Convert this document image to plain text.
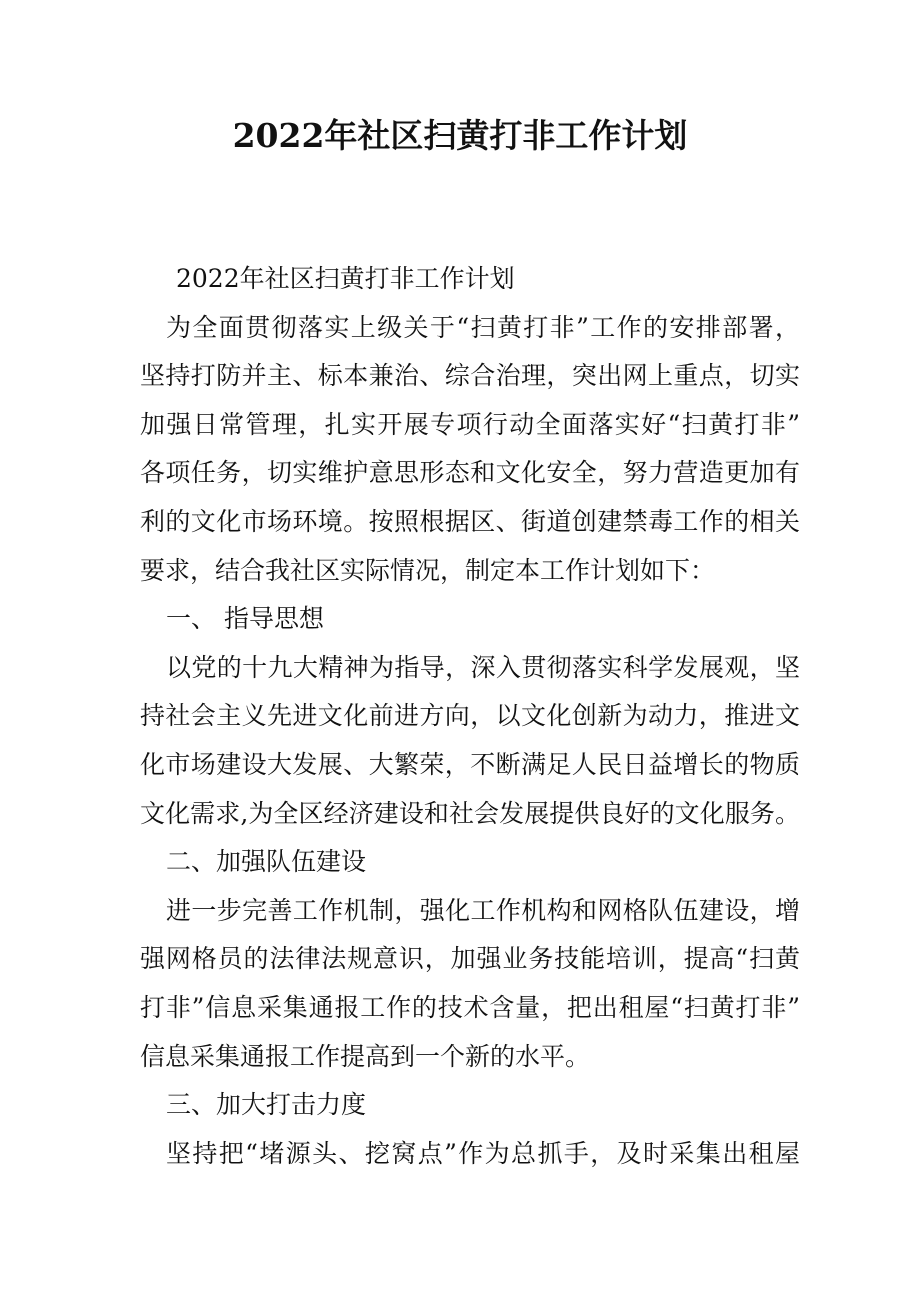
2022年社区扫黄打非工作计划
2022年社区扫黄打非工作计划
为全面贯彻落实上级关于“扫黄打非”工作的安排部署，
坚持打防并主、标本兼治、综合治理，突出网上重点，切实
加强日常管理，扎实开展专项行动全面落实好“扫黄打非”
各项任务，切实维护意思形态和文化安全，努力营造更加有
利的文化市场环境。按照根据区、街道创建禁毒工作的相关
要求，结合我社区实际情况，制定本工作计划如下：
一、 指导思想
以党的十九大精神为指导，深入贯彻落实科学发展观，坚
持社会主义先进文化前进方向，以文化创新为动力，推进文
化市场建设大发展、大繁荣，不断满足人民日益增长的物质
文化需求,为全区经济建设和社会发展提供良好的文化服务。
二、加强队伍建设
进一步完善工作机制，强化工作机构和网格队伍建设，增
强网格员的法律法规意识，加强业务技能培训，提高“扫黄
打非”信息采集通报工作的技术含量，把出租屋“扫黄打非”
信息采集通报工作提高到一个新的水平。
三、加大打击力度
坚持把“堵源头、挖窝点”作为总抓手，及时采集出租屋
